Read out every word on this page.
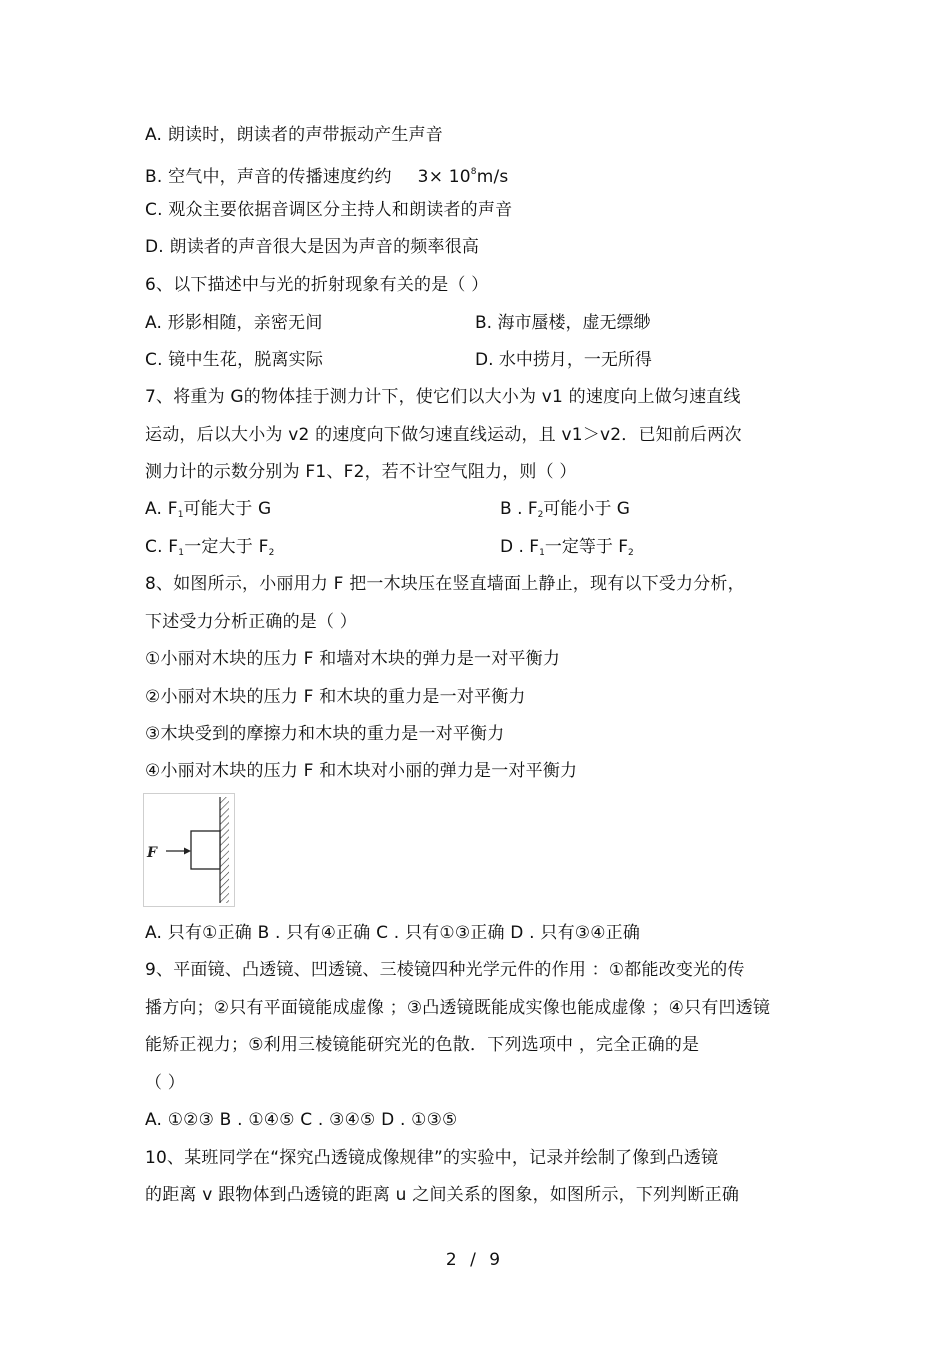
A. 朗读时，朗读者的声带振动产生声音
B. 空气中，声音的传播速度约约 $3\times 10^8m/s$
C. 观众主要依据音调区分主持人和朗读者的声音
D. 朗读者的声音很大是因为声音的频率很高
6、以下描述中与光的折射现象有关的是（ ）
A. 形影相随，亲密无间	B. 海市蜃楼，虚无缥缈
C. 镜中生花，脱离实际	D. 水中捞月，一无所得
7、将重为 G的物体挂于测力计下，使它们以大小为 v1 的速度向上做匀速直线
运动，后以大小为 v2 的速度向下做匀速直线运动，且 v1＞v2．已知前后两次
测力计的示数分别为 F1、F2，若不计空气阻力，则（ ）
A. $F_1$可能大于 G	B . $F_2$可能小于 G
C. $F_1$一定大于 $F_2$	D . $F_1$一定等于 $F_2$
8、如图所示，小丽用力 F 把一木块压在竖直墙面上静止，现有以下受力分析，
下述受力分析正确的是（ ）
①小丽对木块的压力 F 和墙对木块的弹力是一对平衡力
②小丽对木块的压力 F 和木块的重力是一对平衡力
③木块受到的摩擦力和木块的重力是一对平衡力
④小丽对木块的压力 F 和木块对小丽的弹力是一对平衡力
F
A. 只有①正确 B . 只有④正确 C . 只有①③正确 D . 只有③④正确
9、平面镜、凸透镜、凹透镜、三棱镜四种光学元件的作用 ：①都能改变光的传
播方向；②只有平面镜能成虚像 ；③凸透镜既能成实像也能成虚像 ；④只有凹透镜
能矫正视力；⑤利用三棱镜能研究光的色散．下列选项中 ，完全正确的是
（ ）
A. ①②③ B . ①④⑤ C . ③④⑤ D . ①③⑤
10、某班同学在“探究凸透镜成像规律”的实验中，记录并绘制了像到凸透镜
的距离 v 跟物体到凸透镜的距离 u 之间关系的图象，如图所示，下列判断正确
2 / 9
